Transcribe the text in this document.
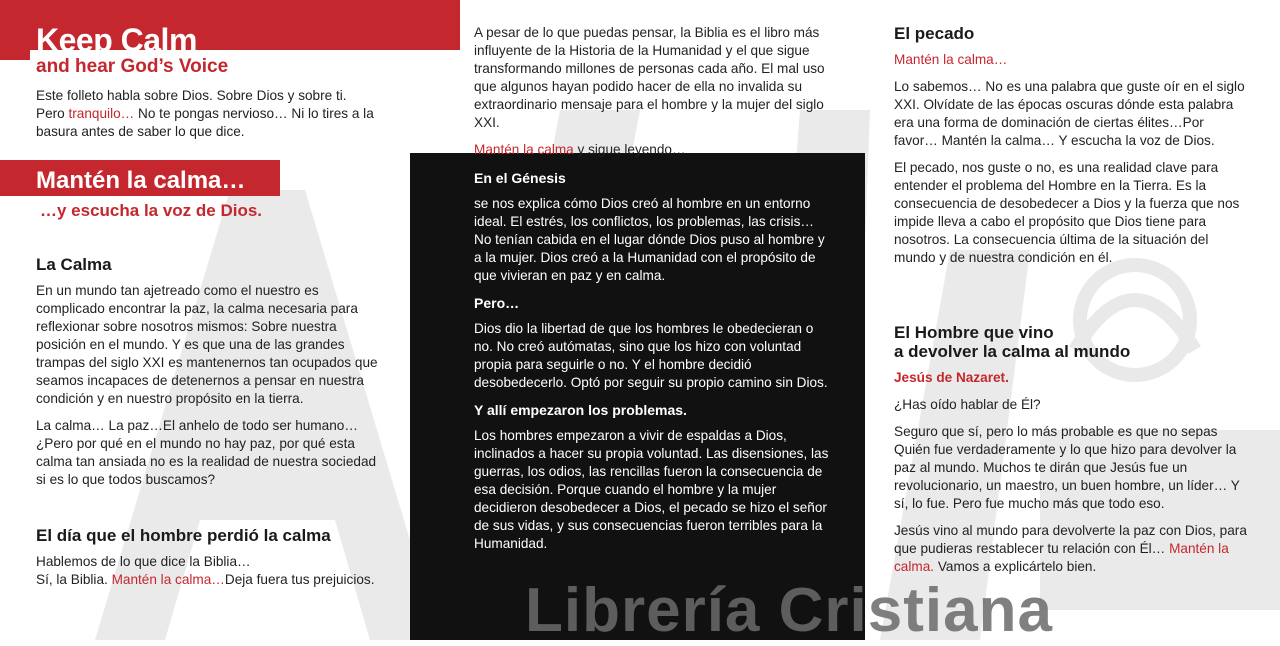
Keep Calm
and hear God’s Voice

Este folleto habla sobre Dios. Sobre Dios y sobre ti.
Pero tranquilo… No te pongas nervioso… Ni lo tires a la basura antes de saber lo que dice.

Mantén la calma…
…y escucha la voz de Dios.
La Calma

En un mundo tan ajetreado como el nuestro es complicado encontrar la paz, la calma necesaria para reflexionar sobre nosotros mismos: Sobre nuestra posición en el mundo. Y es que una de las grandes trampas del siglo XXI es mantenernos tan ocupados que seamos incapaces de detenernos a pensar en nuestra condición y en nuestro propósito en la tierra.

La calma… La paz…El anhelo de todo ser humano… ¿Pero por qué en el mundo no hay paz, por qué esta calma tan ansiada no es la realidad de nuestra sociedad si es lo que todos buscamos?

El día que el hombre perdió la calma

Hablemos de lo que dice la Biblia…
Sí, la Biblia. Mantén la calma…Deja fuera tus prejuicios.

A pesar de lo que puedas pensar, la Biblia es el libro más influyente de la Historia de la Humanidad y el que sigue transformando millones de personas cada año. El mal uso que algunos hayan podido hacer de ella no invalida su extraordinario mensaje para el hombre y la mujer del siglo XXI.

Mantén la calma y sigue leyendo…

En el Génesis

se nos explica cómo Dios creó al hombre en un entorno ideal. El estrés, los conflictos, los problemas, las crisis… No tenían cabida en el lugar dónde Dios puso al hombre y a la mujer. Dios creó a la Humanidad con el propósito de que vivieran en paz y en calma.

Pero…

Dios dio la libertad de que los hombres le obedecieran o no. No creó autómatas, sino que los hizo con voluntad propia para seguirle o no. Y el hombre decidió desobedecerlo. Optó por seguir su propio camino sin Dios.

Y allí empezaron los problemas.

Los hombres empezaron a vivir de espaldas a Dios, inclinados a hacer su propia voluntad. Las disensiones, las guerras, los odios, las rencillas fueron la consecuencia de esa decisión. Porque cuando el hombre y la mujer decidieron desobedecer a Dios, el pecado se hizo el señor de sus vidas, y sus consecuencias fueron terribles para la Humanidad.

El pecado

Mantén la calma…

Lo sabemos… No es una palabra que guste oír en el siglo XXI. Olvídate de las épocas oscuras dónde esta palabra era una forma de dominación de ciertas élites…Por favor… Mantén la calma… Y escucha la voz de Dios.

El pecado, nos guste o no, es una realidad clave para entender el problema del Hombre en la Tierra. Es la consecuencia de desobedecer a Dios y la fuerza que nos impide lleva a cabo el propósito que Dios tiene para nosotros. La consecuencia última de la situación del mundo y de nuestra condición en él.

El Hombre que vino
a devolver la calma al mundo

Jesús de Nazaret.

¿Has oído hablar de Él?

Seguro que sí, pero lo más probable es que no sepas Quién fue verdaderamente y lo que hizo para devolver la paz al mundo. Muchos te dirán que Jesús fue un revolucionario, un maestro, un buen hombre, un líder… Y sí, lo fue. Pero fue mucho más que todo eso.

Jesús vino al mundo para devolverte la paz con Dios, para que pudieras restablecer tu relación con Él… Mantén la calma. Vamos a explicártelo bien.

Librería Cristiana
